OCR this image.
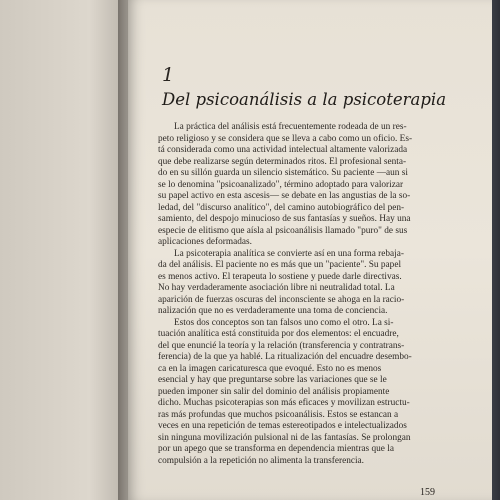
1
Del psicoanálisis a la psicoterapia
La práctica del análisis está frecuentemente rodeada de un res-
peto religioso y se considera que se lleva a cabo como un oficio. Es-
tá considerada como una actividad intelectual altamente valorizada
que debe realizarse según determinados ritos. El profesional senta-
do en su sillón guarda un silencio sistemático. Su paciente —aun si
se lo denomina "psicoanalizado", término adoptado para valorizar
su papel activo en esta ascesis— se debate en las angustias de la so-
ledad, del "discurso analítico", del camino autobiográfico del pen-
samiento, del despojo minucioso de sus fantasías y sueños. Hay una
especie de elitismo que aísla al psicoanálisis llamado "puro" de sus
aplicaciones deformadas.
La psicoterapia analítica se convierte así en una forma rebaja-
da del análisis. El paciente no es más que un "paciente". Su papel
es menos activo. El terapeuta lo sostiene y puede darle directivas.
No hay verdaderamente asociación libre ni neutralidad total. La
aparición de fuerzas oscuras del inconsciente se ahoga en la racio-
nalización que no es verdaderamente una toma de conciencia.
Estos dos conceptos son tan falsos uno como el otro. La si-
tuación analítica está constituida por dos elementos: el encuadre,
del que enuncié la teoría y la relación (transferencia y contratrans-
ferencia) de la que ya hablé. La ritualización del encuadre desembo-
ca en la imagen caricaturesca que evoqué. Esto no es menos
esencial y hay que preguntarse sobre las variaciones que se le
pueden imponer sin salir del dominio del análisis propiamente
dicho. Muchas psicoterapias son más eficaces y movilizan estructu-
ras más profundas que muchos psicoanálisis. Estos se estancan a
veces en una repetición de temas estereotipados e intelectualizados
sin ninguna movilización pulsional ni de las fantasías. Se prolongan
por un apego que se transforma en dependencia mientras que la
compulsión a la repetición no alimenta la transferencia.
159
